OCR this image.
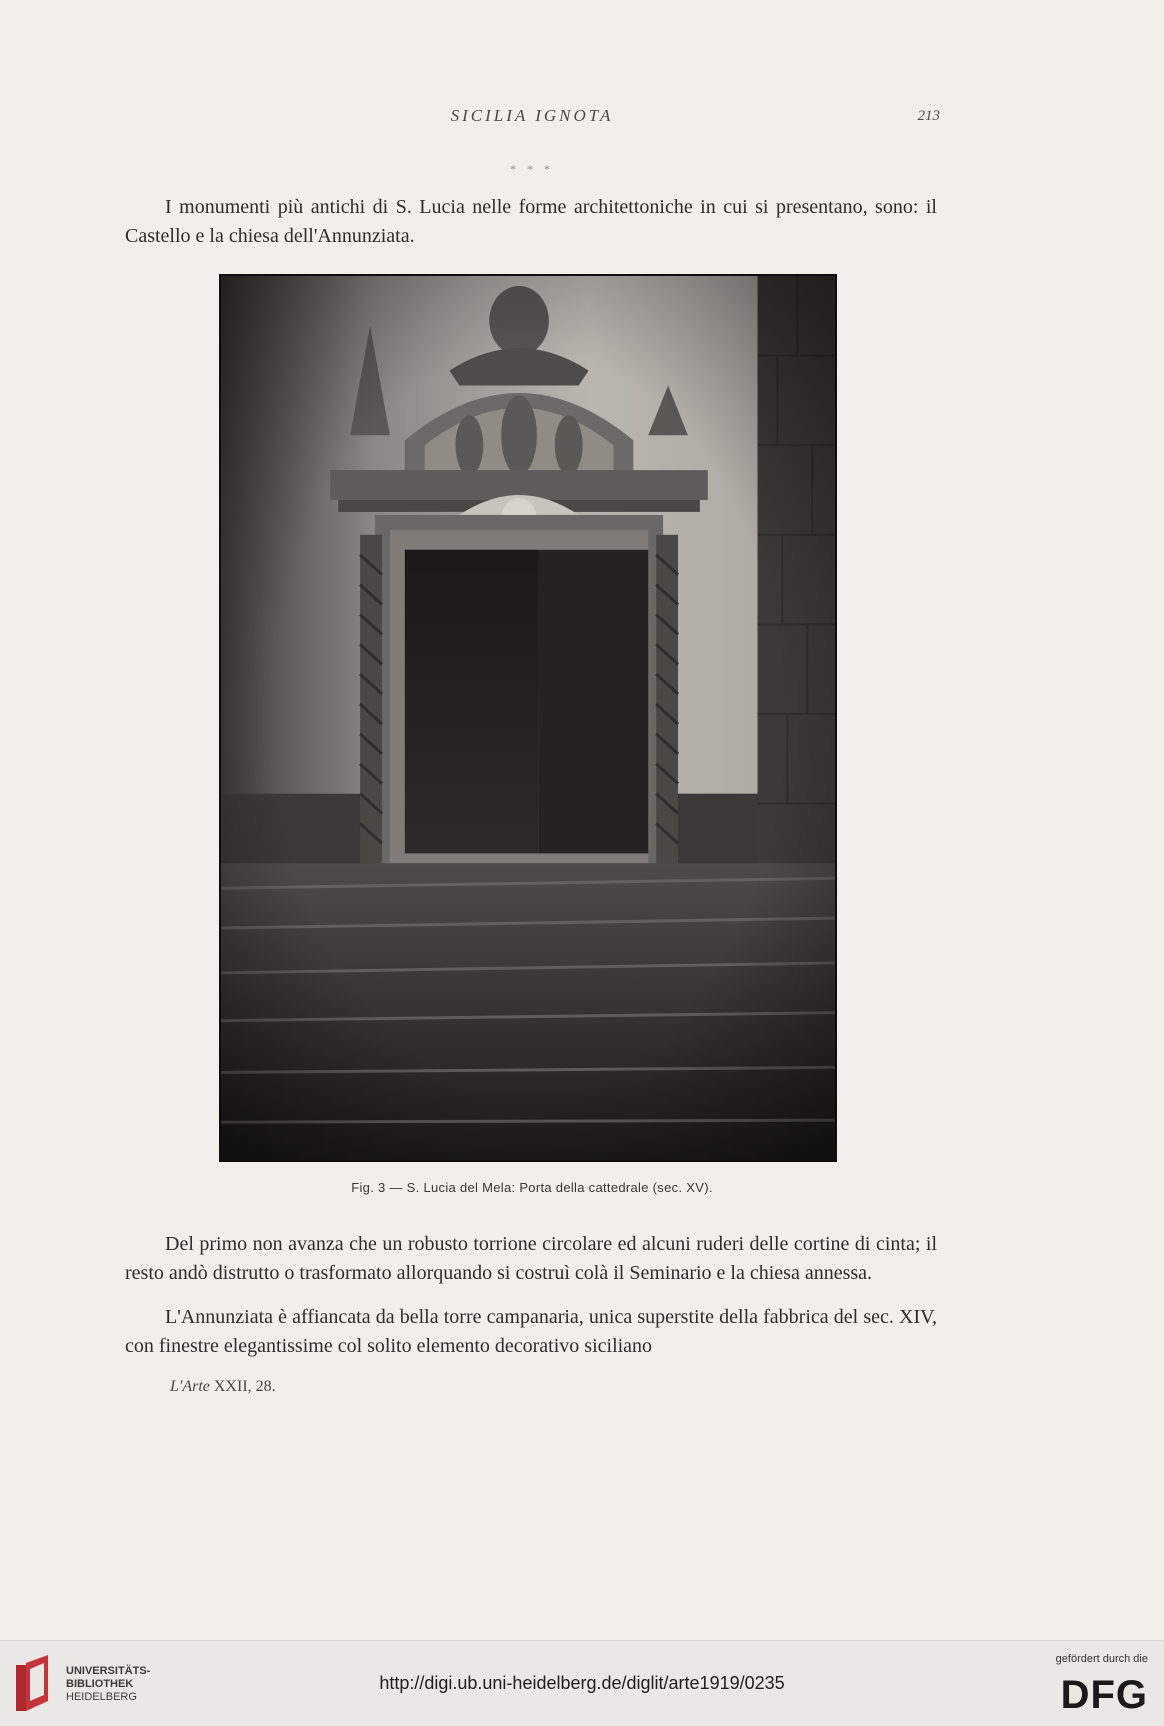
SICILIA IGNOTA	213
* * *

I monumenti più antichi di S. Lucia nelle forme architettoniche in cui si presentano, sono: il Castello e la chiesa dell'Annunziata.

Fig. 3 — S. Lucia del Mela: Porta della cattedrale (sec. XV).

Del primo non avanza che un robusto torrione circolare ed alcuni ruderi delle cortine di cinta; il resto andò distrutto o trasformato allorquando si costruì colà il Seminario e la chiesa annessa.

L'Annunziata è affiancata da bella torre campanaria, unica superstite della fabbrica del sec. XIV, con finestre elegantissime col solito elemento decorativo siciliano

L'Arte XXII, 28.
UNIVERSITÄTS-
BIBLIOTHEK
HEIDELBERG
http://digi.ub.uni-heidelberg.de/diglit/arte1919/0235
gefördert durch die
DFG
